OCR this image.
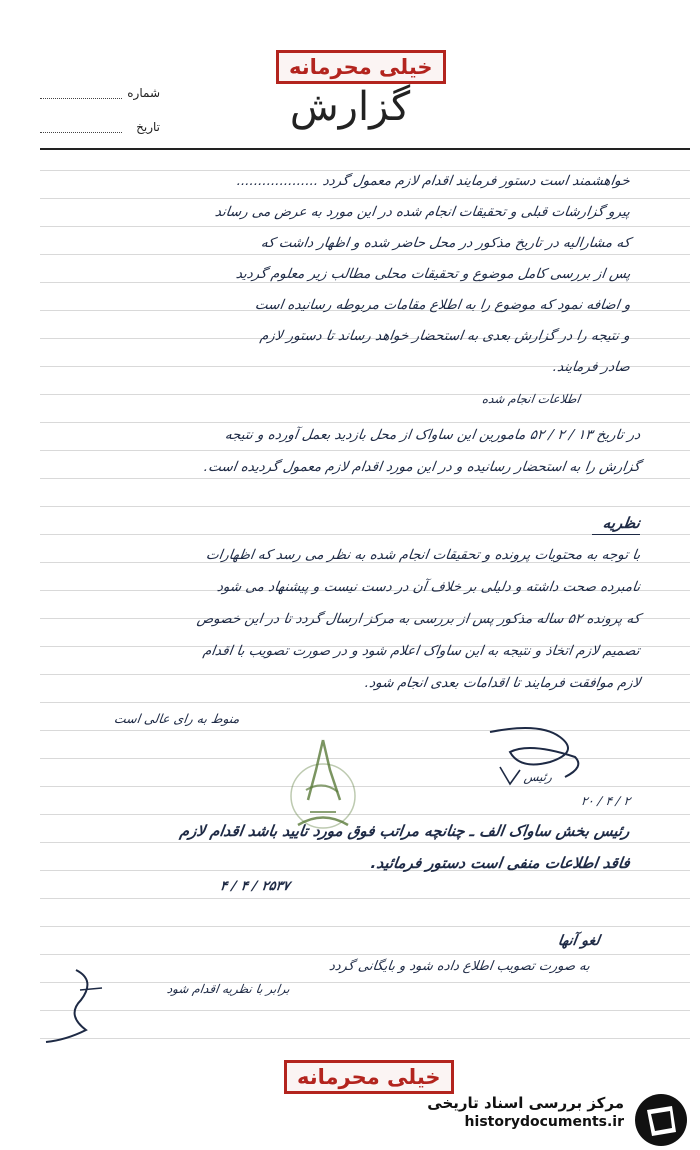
خیلی محرمانه
شماره
تاریخ	گزارش
خواهشمند است دستور فرمایند اقدام لازم معمول گردد ...................
پیرو گزارشات قبلی و تحقیقات انجام شده در این مورد به عرض می رساند
که مشارالیه در تاریخ مذکور در محل حاضر شده و اظهار داشت که
پس از بررسی کامل موضوع و تحقیقات محلی مطالب زیر معلوم گردید
و اضافه نمود که موضوع را به اطلاع مقامات مربوطه رسانیده است
و نتیجه را در گزارش بعدی به استحضار خواهد رساند تا دستور لازم
صادر فرمایند.
اطلاعات انجام شده
در تاریخ ۱۳ / ۲ / ۵۲ مامورین این ساواک از محل بازدید بعمل آورده و نتیجه
گزارش را به استحضار رسانیده و در این مورد اقدام لازم معمول گردیده است.
نظریه
با توجه به محتویات پرونده و تحقیقات انجام شده به نظر می رسد که اظهارات
نامبرده صحت داشته و دلیلی بر خلاف آن در دست نیست و پیشنهاد می شود
که پرونده ۵۲ ساله مذکور پس از بررسی به مرکز ارسال گردد تا در این خصوص
تصمیم لازم اتخاذ و نتیجه به این ساواک اعلام شود و در صورت تصویب با اقدام
لازم موافقت فرمایند تا اقدامات بعدی انجام شود.
منوط به رای عالی است
رئیس
۲ / ۴ / ۲۰
رئیس بخش ساواک الف ـ چنانچه مراتب فوق مورد تایید باشد اقدام لازم
فاقد اطلاعات منفی است دستور فرمائید.
۲۵۳۷ / ۴ / ۴
لغو آنها
به صورت تصویب اطلاع داده شود و بایگانی گردد
برابر با نظریه اقدام شود
خیلی محرمانه
مرکز بررسی اسناد تاریخی
historydocuments.ir
